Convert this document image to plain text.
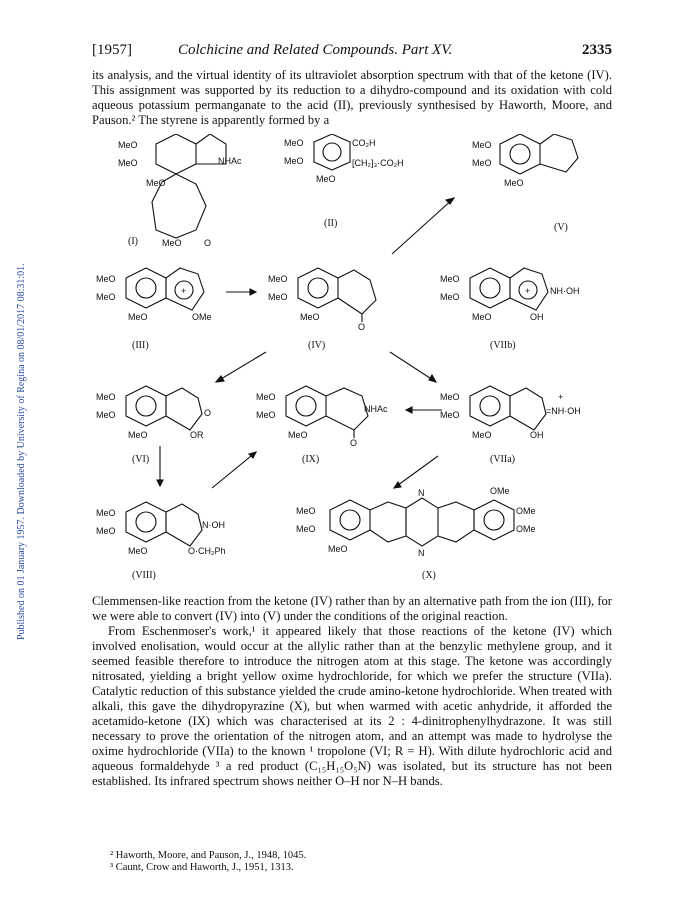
Published on 01 January 1957. Downloaded by University of Regina on 08/01/2017 08:31:01.
[1957]	Colchicine and Related Compounds. Part XV.	2335

its analysis, and the virtual identity of its ultraviolet absorption spectrum with that of the ketone (IV). This assignment was supported by its reduction to a dihydro-compound and its oxidation with cold aqueous potassium permanganate to the acid (II), previously synthesised by Haworth, Moore, and Pauson.² The styrene is apparently formed by a

MeO
MeO
MeO
NHAc
MeO O
(I)
MeO
MeO
MeO
CO₂H
[CH₂]₃·CO₂H
(II)
MeO
MeO
MeO
(V)
+
MeO
MeO
MeO	OMe
(III)
MeO
MeO
MeO
O
(IV)
+
MeO
MeO
MeO	OH
NH·OH
(VIIb)
MeO
MeO
MeO
O
OR
(VI)
MeO
MeO
MeO
NHAc
O
(IX)
MeO
MeO
MeO	OH
=NH·OH
+
(VIIa)
MeO
MeO
MeO
N·OH
O·CH₂Ph
(VIII)
N
N
MeO
MeO
MeO
OMe
OMe
OMe
(X)

Clemmensen-like reaction from the ketone (IV) rather than by an alternative path from the ion (III), for we were able to convert (IV) into (V) under the conditions of the original reaction.

From Eschenmoser's work,¹ it appeared likely that those reactions of the ketone (IV) which involved enolisation, would occur at the allylic rather than at the benzylic methylene group, and it seemed feasible therefore to introduce the nitrogen atom at this stage. The ketone was accordingly nitrosated, yielding a bright yellow oxime hydrochloride, for which we prefer the structure (VIIa). Catalytic reduction of this substance yielded the crude amino-ketone hydrochloride. When treated with alkali, this gave the dihydropyrazine (X), but when warmed with acetic anhydride, it afforded the acetamido-ketone (IX) which was characterised at its 2 : 4-dinitrophenylhydrazone. It was still necessary to prove the orientation of the nitrogen atom, and an attempt was made to hydrolyse the oxime hydrochloride (VIIa) to the known ¹ tropolone (VI; R = H). With dilute hydrochloric acid and aqueous formaldehyde ³ a red product (C₁₅H₁₅O₅N) was isolated, but its structure has not been established. Its infrared spectrum shows neither O–H nor N–H bands.

² Haworth, Moore, and Pauson, J., 1948, 1045.
³ Caunt, Crow and Haworth, J., 1951, 1313.
